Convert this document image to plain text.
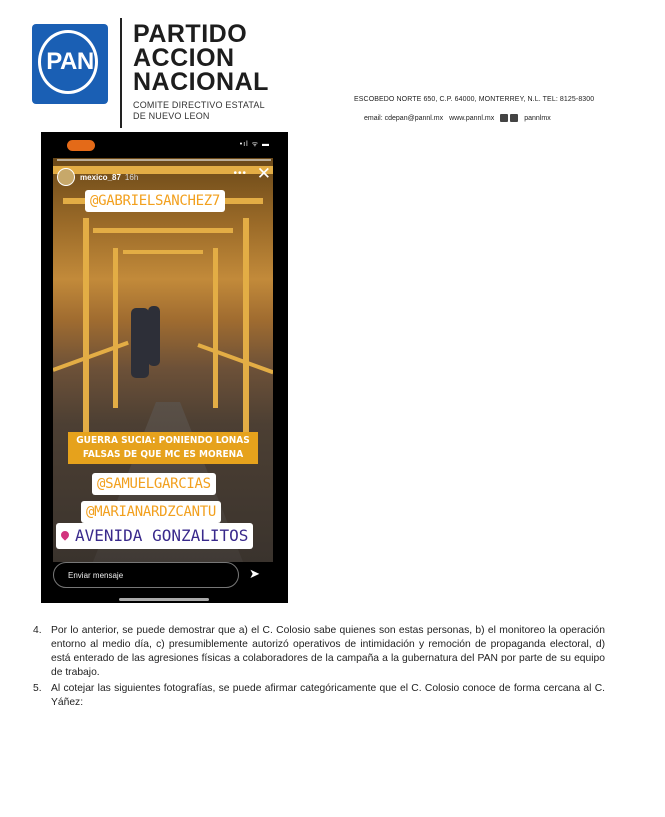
PAN
PARTIDO
ACCION
NACIONAL
COMITE DIRECTIVO ESTATAL
DE NUEVO LEON
ESCOBEDO NORTE 650, C.P. 64000, MONTERREY, N.L. TEL: 8125-8300
email: cdepan@pannl.mx www.pannl.mx	pannlmx
•ıl ᯤ ▬
mexico_87 16h	••• ✕
@GABRIELSANCHEZ7
GUERRA SUCIA: PONIENDO LONAS
FALSAS DE QUE MC ES MORENA
@SAMUELGARCIAS
@MARIANARDZCANTU
AVENIDA GONZALITOS
Enviar mensaje	➤
4. Por lo anterior, se puede demostrar que a) el C. Colosio sabe quienes son estas personas, b) el monitoreo la operación entorno al medio día, c) presumiblemente autorizó operativos de intimidación y remoción de propaganda electoral, d) está enterado de las agresiones físicas a colaboradores de la campaña a la gubernatura del PAN por parte de su equipo de trabajo.
5. Al cotejar las siguientes fotografías, se puede afirmar categóricamente que el C. Colosio conoce de forma cercana al C. Yáñez:
